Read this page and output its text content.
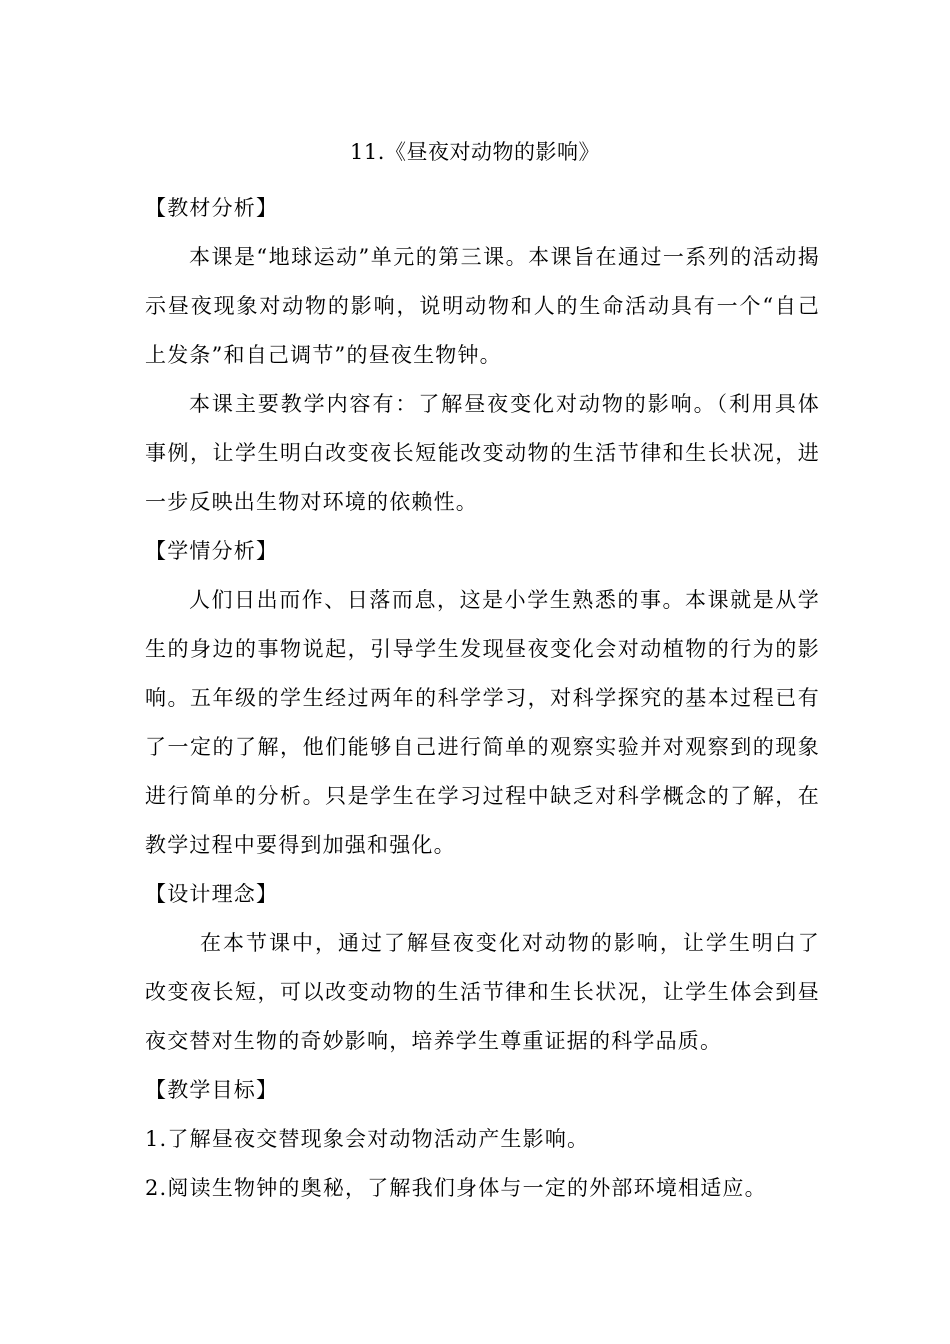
11.《昼夜对动物的影响》
【教材分析】

本课是“地球运动”单元的第三课。本课旨在通过一系列的活动揭示昼夜现象对动物的影响，说明动物和人的生命活动具有一个“自己上发条”和自己调节”的昼夜生物钟。

本课主要教学内容有：了解昼夜变化对动物的影响。（利用具体事例，让学生明白改变夜长短能改变动物的生活节律和生长状况，进一步反映出生物对环境的依赖性。

【学情分析】

人们日出而作、日落而息，这是小学生熟悉的事。本课就是从学生的身边的事物说起，引导学生发现昼夜变化会对动植物的行为的影响。五年级的学生经过两年的科学学习，对科学探究的基本过程已有了一定的了解，他们能够自己进行简单的观察实验并对观察到的现象进行简单的分析。只是学生在学习过程中缺乏对科学概念的了解，在教学过程中要得到加强和强化。

【设计理念】

在本节课中，通过了解昼夜变化对动物的影响，让学生明白了改变夜长短，可以改变动物的生活节律和生长状况，让学生体会到昼夜交替对生物的奇妙影响，培养学生尊重证据的科学品质。

【教学目标】
1.了解昼夜交替现象会对动物活动产生影响。
2.阅读生物钟的奥秘，了解我们身体与一定的外部环境相适应。
